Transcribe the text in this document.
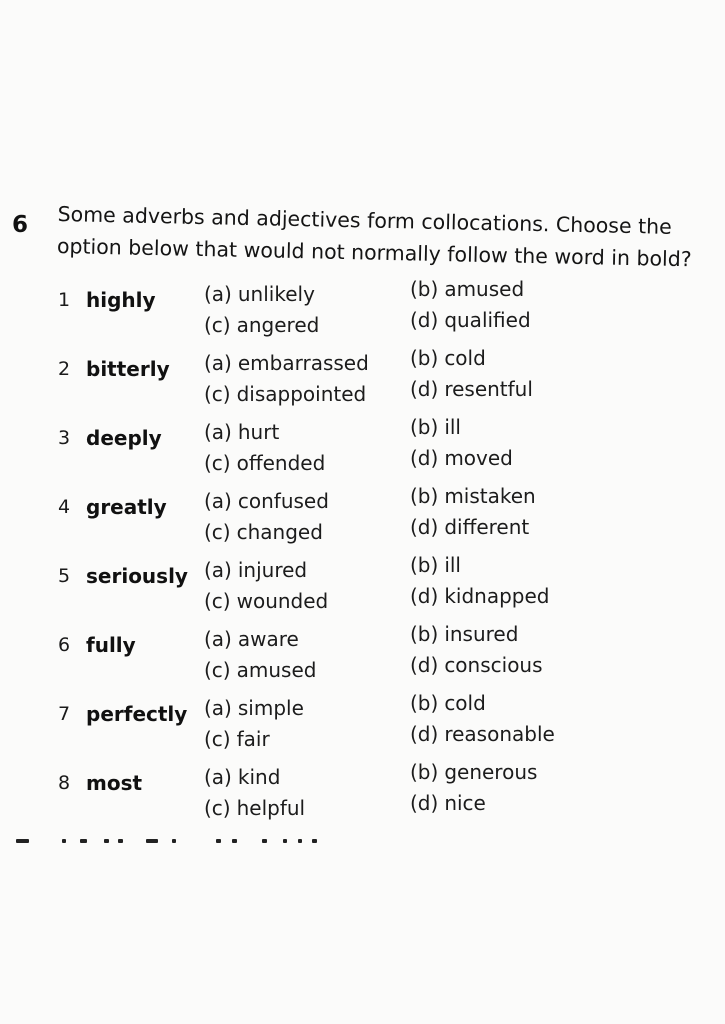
6 Some adverbs and adjectives form collocations. Choose the
option below that would not normally follow the word in bold?
1 highly (a) unlikely
(c) angered
(b) amused
(d) qualified
2 bitterly (a) embarrassed
(c) disappointed
(b) cold
(d) resentful
3 deeply (a) hurt
(c) offended
(b) ill
(d) moved
4 greatly (a) confused
(c) changed
(b) mistaken
(d) different
5 seriously (a) injured
(c) wounded
(b) ill
(d) kidnapped
6 fully	(a) aware
(c) amused
(b) insured
(d) conscious
7 perfectly (a) simple
(c) fair
(b) cold
(d) reasonable
8 most	(a) kind
(c) helpful
(b) generous
(d) nice
